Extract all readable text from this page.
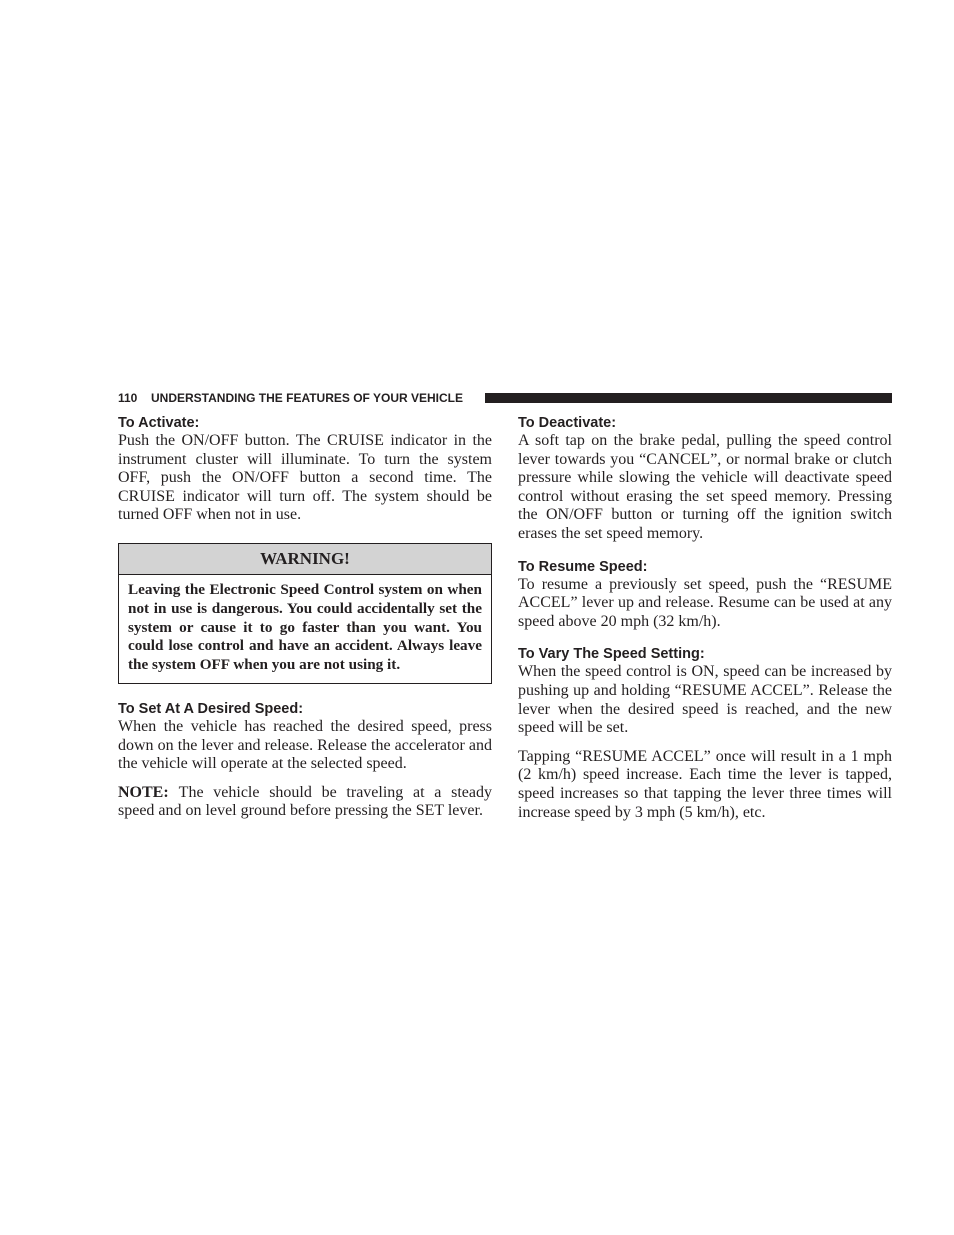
110 UNDERSTANDING THE FEATURES OF YOUR VEHICLE
To Activate:

Push the ON/OFF button. The CRUISE indicator in the instrument cluster will illuminate. To turn the system OFF, push the ON/OFF button a second time. The CRUISE indicator will turn off. The system should be turned OFF when not in use.

WARNING!
Leaving the Electronic Speed Control system on when not in use is dangerous. You could accidentally set the system or cause it to go faster than you want. You could lose control and have an accident. Always leave the system OFF when you are not using it.
To Set At A Desired Speed:

When the vehicle has reached the desired speed, press down on the lever and release. Release the accelerator and the vehicle will operate at the selected speed.

NOTE: The vehicle should be traveling at a steady speed and on level ground before pressing the SET lever.

To Deactivate:

A soft tap on the brake pedal, pulling the speed control lever towards you “CANCEL”, or normal brake or clutch pressure while slowing the vehicle will deactivate speed control without erasing the set speed memory. Pressing the ON/OFF button or turning off the ignition switch erases the set speed memory.

To Resume Speed:

To resume a previously set speed, push the “RESUME ACCEL” lever up and release. Resume can be used at any speed above 20 mph (32 km/h).

To Vary The Speed Setting:

When the speed control is ON, speed can be increased by pushing up and holding “RESUME ACCEL”. Release the lever when the desired speed is reached, and the new speed will be set.

Tapping “RESUME ACCEL” once will result in a 1 mph (2 km/h) speed increase. Each time the lever is tapped, speed increases so that tapping the lever three times will increase speed by 3 mph (5 km/h), etc.
